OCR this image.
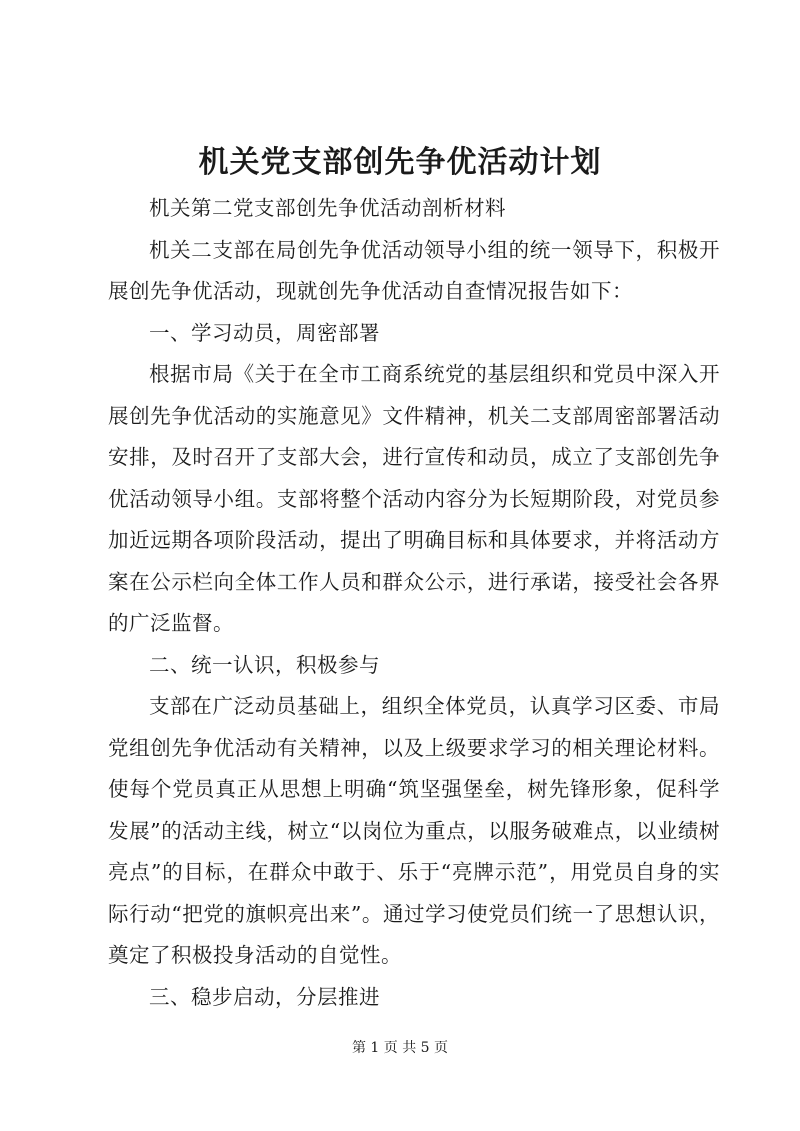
机关党支部创先争优活动计划

机关第二党支部创先争优活动剖析材料

机关二支部在局创先争优活动领导小组的统一领导下，积极开展创先争优活动，现就创先争优活动自查情况报告如下：

一、学习动员，周密部署

根据市局《关于在全市工商系统党的基层组织和党员中深入开展创先争优活动的实施意见》文件精神，机关二支部周密部署活动安排，及时召开了支部大会，进行宣传和动员，成立了支部创先争优活动领导小组。支部将整个活动内容分为长短期阶段，对党员参加近远期各项阶段活动，提出了明确目标和具体要求，并将活动方案在公示栏向全体工作人员和群众公示，进行承诺，接受社会各界的广泛监督。

二、统一认识，积极参与

支部在广泛动员基础上，组织全体党员，认真学习区委、市局党组创先争优活动有关精神，以及上级要求学习的相关理论材料。使每个党员真正从思想上明确“筑坚强堡垒，树先锋形象，促科学发展”的活动主线，树立“以岗位为重点，以服务破难点，以业绩树亮点”的目标，在群众中敢于、乐于“亮牌示范”，用党员自身的实际行动“把党的旗帜亮出来”。通过学习使党员们统一了思想认识，奠定了积极投身活动的自觉性。

三、稳步启动，分层推进

第 1 页 共 5 页
